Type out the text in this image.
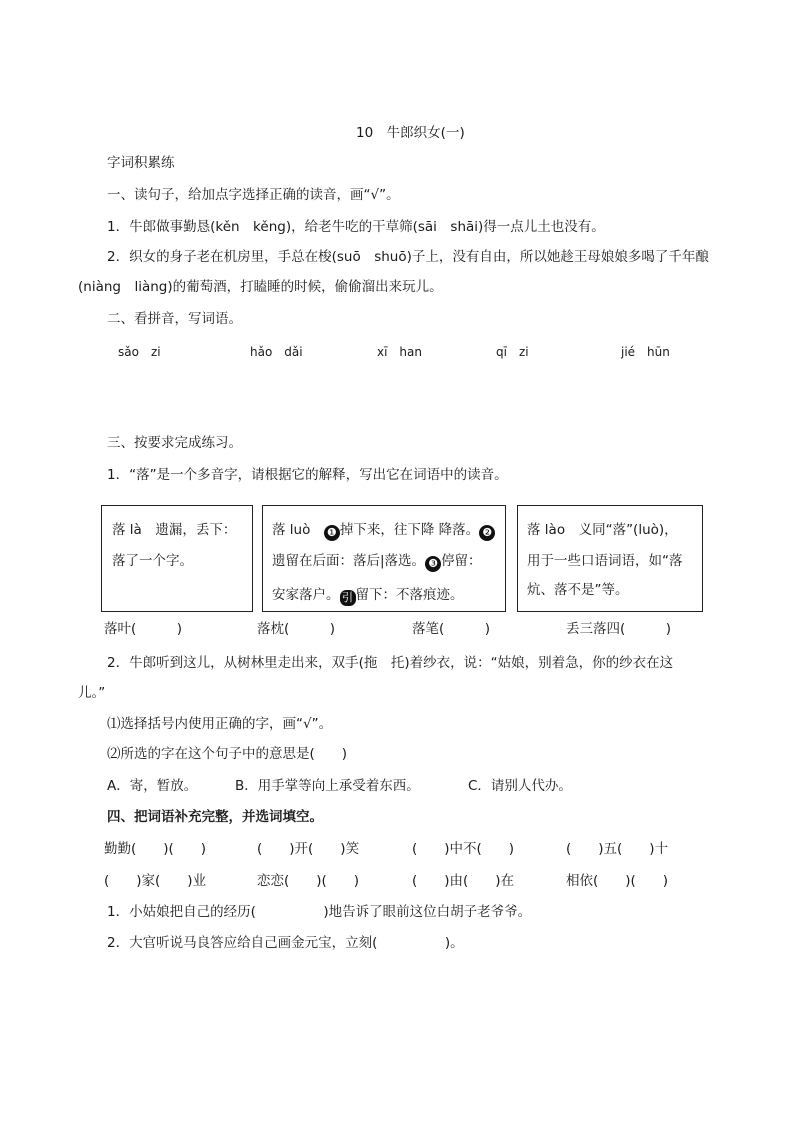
10　牛郎织女(一)
字词积累练
一、读句子，给加点字选择正确的读音，画“√”。
1．牛郎做事勤恳(kěn　kěng)，给老牛吃的干草筛(sāi　shāi)得一点儿土也没有。
2．织女的身子老在机房里，手总在梭(suō　shuō)子上，没有自由，所以她趁王母娘娘多喝了千年酿
(niàng　liàng)的葡萄酒，打瞌睡的时候，偷偷溜出来玩儿。
二、看拼音，写词语。
sǎo　zi	hǎo　dǎi	xī　han	qī　zi	jié　hūn
三、按要求完成练习。
1．“落”是一个多音字，请根据它的解释，写出它在词语中的读音。
落 là　遗漏，丢下：
落了一个字。
落 luò　❶ 掉下来，往下降 降落。 ❷
遗留在后面：落后|落选。 ❸ 停留：
安家落户。 引 留下：不落痕迹。
落 lào　义同“落”(luò)，
用于一些口语词语，如“落
炕、落不是”等。
落叶(　　　)	落枕(　　　)	落笔(　　　)	丢三落四(　　　)
2．牛郎听到这儿，从树林里走出来，双手(拖　托)着纱衣，说：“姑娘，别着急，你的纱衣在这
儿。”
⑴选择括号内使用正确的字，画“√”。
⑵所选的字在这个句子中的意思是(　　)
A．寄，暂放。	B．用手掌等向上承受着东西。	C．请别人代办。
四、把词语补充完整，并选词填空。
勤勤(　　)(　　)	(　　)开(　　)笑	(　　)中不(　　)	(　　)五(　　)十
(　　)家(　　)业	恋恋(　　)(　　)	(　　)由(　　)在	相依(　　)(　　)
1．小姑娘把自己的经历(　　　　　)地告诉了眼前这位白胡子老爷爷。
2．大官听说马良答应给自己画金元宝，立刻(　　　　　)。
